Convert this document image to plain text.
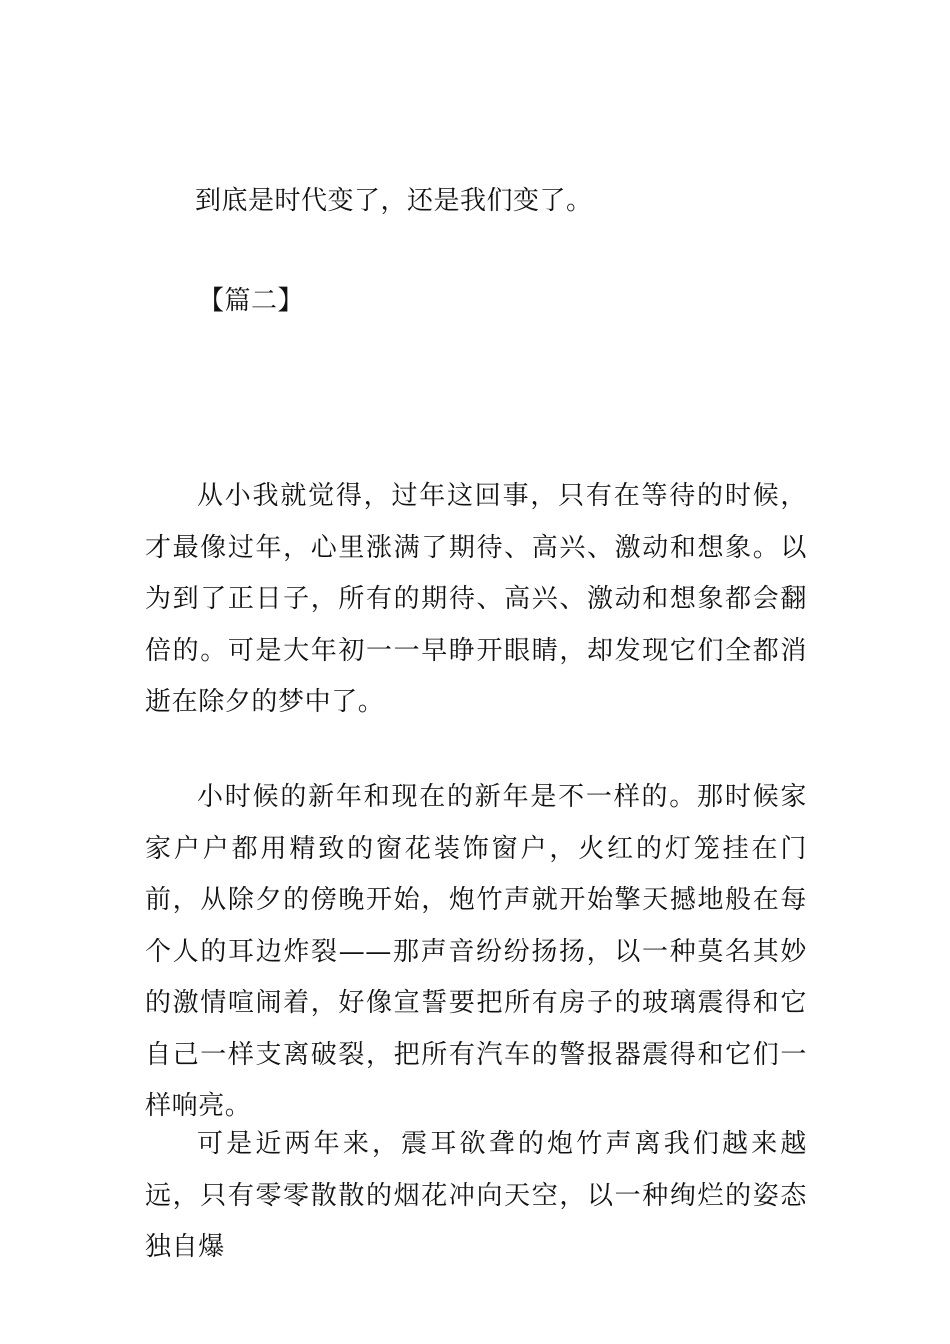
到底是时代变了，还是我们变了。

【篇二】

从小我就觉得，过年这回事，只有在等待的时候，才最像过年，心里涨满了期待、高兴、激动和想象。以为到了正日子，所有的期待、高兴、激动和想象都会翻倍的。可是大年初一一早睁开眼睛，却发现它们全都消逝在除夕的梦中了。

小时候的新年和现在的新年是不一样的。那时候家家户户都用精致的窗花装饰窗户，火红的灯笼挂在门前，从除夕的傍晚开始，炮竹声就开始擎天撼地般在每个人的耳边炸裂——那声音纷纷扬扬，以一种莫名其妙的激情喧闹着，好像宣誓要把所有房子的玻璃震得和它自己一样支离破裂，把所有汽车的警报器震得和它们一样响亮。

可是近两年来，震耳欲聋的炮竹声离我们越来越远，只有零零散散的烟花冲向天空，以一种绚烂的姿态独自爆
